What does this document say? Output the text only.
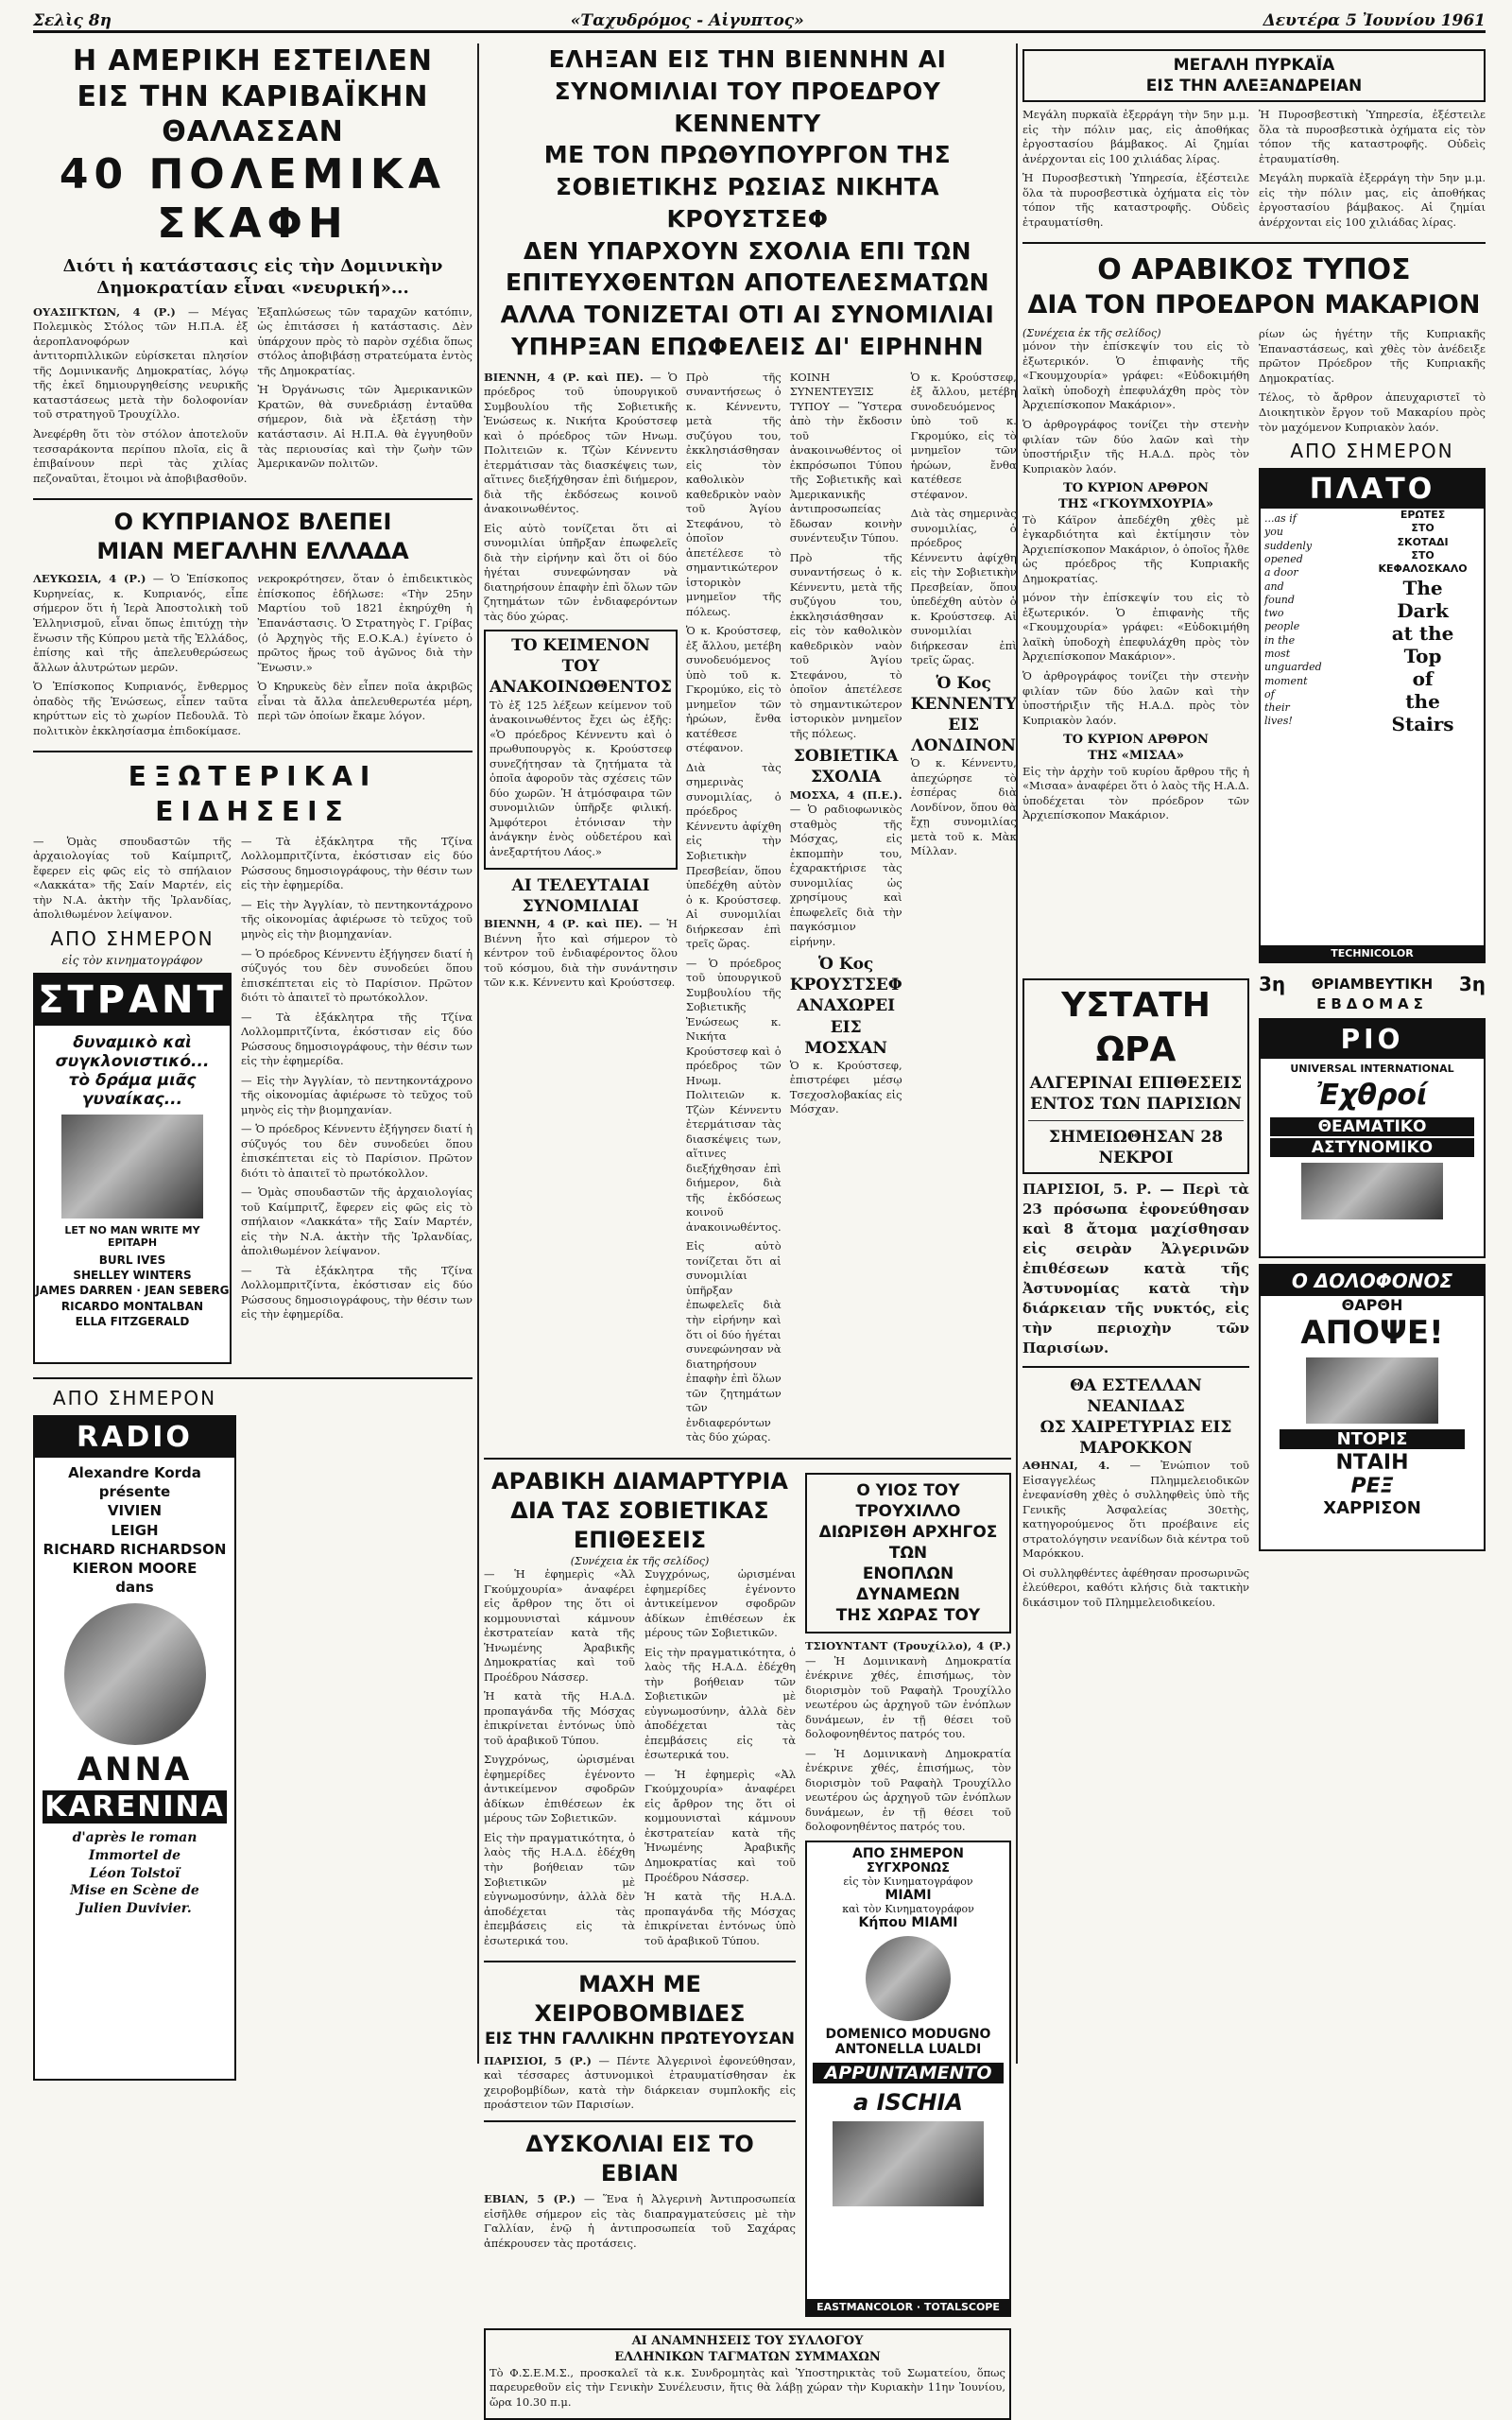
Σελὶς 8η	«Ταχυδρόμος - Αἰγυπτος»	Δευτέρα 5 Ἰουνίου 1961
Η ΑΜΕΡΙΚΗ ΕΣΤΕΙΛΕΝ
ΕΙΣ ΤΗΝ ΚΑΡΙΒΑΪΚΗΝ ΘΑΛΑΣΣΑΝ
40 ΠΟΛΕΜΙΚΑ ΣΚΑΦΗ
Διότι ἡ κατάστασις εἰς τὴν Δομινικὴν Δημοκρατίαν εἶναι «νευρική»...

ΟΥΑΣΙΓΚΤΩΝ, 4 (Ρ.) — Μέγας Πολεμικὸς Στόλος τῶν Η.Π.Α. ἐξ ἀεροπλανοφόρων καὶ ἀντιτορπιλλικῶν εὑρίσκεται πλησίον τῆς Δομινικανῆς Δημοκρατίας, λόγῳ τῆς ἐκεῖ δημιουργηθείσης νευρικῆς καταστάσεως μετὰ τὴν δολοφονίαν τοῦ στρατηγοῦ Τρουχίλλο.

Ἀνεφέρθη ὅτι τὸν στόλον ἀποτελοῦν τεσσαράκοντα περίπου πλοῖα, εἰς ἃ ἐπιβαίνουν περὶ τὰς χιλίας πεζοναῦται, ἕτοιμοι νὰ ἀποβιβασθοῦν.

Ἐξαπλώσεως τῶν ταραχῶν κατόπιν, ὡς ἐπιτάσσει ἡ κατάστασις. Δὲν ὑπάρχουν πρὸς τὸ παρὸν σχέδια ὅπως στόλος ἀποβιβάσῃ στρατεύματα ἐντὸς τῆς Δημοκρατίας.

Ἡ Ὀργάνωσις τῶν Ἀμερικανικῶν Κρατῶν, θὰ συνεδριάσῃ ἐνταῦθα σήμερον, διὰ νὰ ἐξετάσῃ τὴν κατάστασιν. Αἱ Η.Π.Α. θὰ ἐγγυηθοῦν τὰς περιουσίας καὶ τὴν ζωὴν τῶν Ἀμερικανῶν πολιτῶν.

Ο ΚΥΠΡΙΑΝΟΣ ΒΛΕΠΕΙ
ΜΙΑΝ ΜΕΓΑΛΗΝ ΕΛΛΑΔΑ

ΛΕΥΚΩΣΙΑ, 4 (Ρ.) — Ὁ Ἐπίσκοπος Κυρηνείας, κ. Κυπριανός, εἶπε σήμερον ὅτι ἡ Ἱερὰ Ἀποστολικὴ τοῦ Ἑλληνισμοῦ, εἶναι ὅπως ἐπιτύχῃ τὴν ἕνωσιν τῆς Κύπρου μετὰ τῆς Ἑλλάδος, ἐπίσης καὶ τῆς ἀπελευθερώσεως ἄλλων ἀλυτρώτων μερῶν.

Ὁ Ἐπίσκοπος Κυπριανός, ἔνθερμος ὀπαδὸς τῆς Ἑνώσεως, εἶπεν ταῦτα κηρύττων εἰς τὸ χωρίον Πεδουλᾶ. Τὸ πολιτικὸν ἐκκλησίασμα ἐπιδοκίμασε.

νεκροκρότησεν, ὅταν ὁ ἐπιδεικτικὸς ἐπίσκοπος ἐδήλωσε: «Τὴν 25ην Μαρτίου τοῦ 1821 ἐκηρύχθη ἡ Ἐπανάστασις. Ὁ Στρατηγὸς Γ. Γρίβας (ὁ Ἀρχηγὸς τῆς Ε.Ο.Κ.Α.) ἐγίνετο ὁ πρῶτος ἥρως τοῦ ἀγῶνος διὰ τὴν Ἕνωσιν.»

Ὁ Κηρυκεὺς δὲν εἶπεν ποῖα ἀκριβῶς εἶναι τὰ ἄλλα ἀπελευθερωτέα μέρη, περὶ τῶν ὁποίων ἔκαμε λόγον.

ΕΞΩΤΕΡΙΚΑΙ ΕΙΔΗΣΕΙΣ

— Ὁμὰς σπουδαστῶν τῆς ἀρχαιολογίας τοῦ Καίμπριτζ, ἔφερεν εἰς φῶς εἰς τὸ σπήλαιον «Λακκάτα» τῆς Σαίν Μαρτέν, εἰς τὴν Ν.Α. ἀκτὴν τῆς Ἰρλανδίας, ἀπολιθωμένον λείψανον.

ΑΠΟ ΣΗΜΕΡΟΝ
εἰς τὸν κινηματογράφον
ΣΤΡΑΝΤ
δυναμικὸ καὶ
συγκλονιστικό...
τὸ δράμα μιᾶς
γυναίκας...
LET NO MAN WRITE MY EPITAPH
BURL IVES
SHELLEY WINTERS
JAMES DARREN · JEAN SEBERG
RICARDO MONTALBAN
ELLA FITZGERALD

— Τὰ ἐξάκλητρα τῆς Τζίνα Λολλομπριτζίντα, ἐκόστισαν εἰς δύο Ρώσσους δημοσιογράφους, τὴν θέσιν των εἰς τὴν ἐφημερίδα.

— Εἰς τὴν Ἀγγλίαν, τὸ πεντηκοντάχρονο τῆς οἰκονομίας ἀφιέρωσε τὸ τεῦχος τοῦ μηνὸς εἰς τὴν βιομηχανίαν.

— Ὁ πρόεδρος Κέννεντυ ἐξήγησεν διατί ἡ σύζυγός του δὲν συνοδεύει ὅπου ἐπισκέπτεται εἰς τὸ Παρίσιον. Πρῶτον διότι τὸ ἀπαιτεῖ τὸ πρωτόκολλον.

— Τὰ ἐξάκλητρα τῆς Τζίνα Λολλομπριτζίντα, ἐκόστισαν εἰς δύο Ρώσσους δημοσιογράφους, τὴν θέσιν των εἰς τὴν ἐφημερίδα.

— Εἰς τὴν Ἀγγλίαν, τὸ πεντηκοντάχρονο τῆς οἰκονομίας ἀφιέρωσε τὸ τεῦχος τοῦ μηνὸς εἰς τὴν βιομηχανίαν.

— Ὁ πρόεδρος Κέννεντυ ἐξήγησεν διατί ἡ σύζυγός του δὲν συνοδεύει ὅπου ἐπισκέπτεται εἰς τὸ Παρίσιον. Πρῶτον διότι τὸ ἀπαιτεῖ τὸ πρωτόκολλον.

— Ὁμὰς σπουδαστῶν τῆς ἀρχαιολογίας τοῦ Καίμπριτζ, ἔφερεν εἰς φῶς εἰς τὸ σπήλαιον «Λακκάτα» τῆς Σαίν Μαρτέν, εἰς τὴν Ν.Α. ἀκτὴν τῆς Ἰρλανδίας, ἀπολιθωμένον λείψανον.

— Τὰ ἐξάκλητρα τῆς Τζίνα Λολλομπριτζίντα, ἐκόστισαν εἰς δύο Ρώσσους δημοσιογράφους, τὴν θέσιν των εἰς τὴν ἐφημερίδα.

ΑΠΟ ΣΗΜΕΡΟΝ
RADIO
Alexandre Korda
présente
VIVIEN
LEIGH
RICHARD RICHARDSON
KIERON MOORE
dans
ANNA
KARENINA
d'après le roman
Immortel de
Léon Tolstoï
Mise en Scène de
Julien Duvivier.
ΕΛΗΞΑΝ ΕΙΣ ΤΗΝ ΒΙΕΝΝΗΝ ΑΙ ΣΥΝΟΜΙΛΙΑΙ ΤΟΥ ΠΡΟΕΔΡΟΥ ΚΕΝΝΕΝΤΥ
ΜΕ ΤΟΝ ΠΡΩΘΥΠΟΥΡΓΟΝ ΤΗΣ ΣΟΒΙΕΤΙΚΗΣ ΡΩΣΙΑΣ ΝΙΚΗΤΑ ΚΡΟΥΣΤΣΕΦ
ΔΕΝ ΥΠΑΡΧΟΥΝ ΣΧΟΛΙΑ ΕΠΙ ΤΩΝ ΕΠΙΤΕΥΧΘΕΝΤΩΝ ΑΠΟΤΕΛΕΣΜΑΤΩΝ
ΑΛΛΑ ΤΟΝΙΖΕΤΑΙ ΟΤΙ ΑΙ ΣΥΝΟΜΙΛΙΑΙ ΥΠΗΡΞΑΝ ΕΠΩΦΕΛΕΙΣ ΔΙ' ΕΙΡΗΝΗΝ

ΒΙΕΝΝΗ, 4 (Ρ. καὶ ΠΕ). — Ὁ πρόεδρος τοῦ ὑπουργικοῦ Συμβουλίου τῆς Σοβιετικῆς Ἑνώσεως κ. Νικήτα Κρούστσεφ καὶ ὁ πρόεδρος τῶν Ηνωμ. Πολιτειῶν κ. Τζὼν Κέννεντυ ἐτερμάτισαν τὰς διασκέψεις των, αἵτινες διεξήχθησαν ἐπὶ διήμερον, διὰ τῆς ἐκδόσεως κοινοῦ ἀνακοινωθέντος.

Εἰς αὐτὸ τονίζεται ὅτι αἱ συνομιλίαι ὑπῆρξαν ἐπωφελεῖς διὰ τὴν εἰρήνην καὶ ὅτι οἱ δύο ἡγέται συνεφώνησαν νὰ διατηρήσουν ἐπαφὴν ἐπὶ ὅλων τῶν ζητημάτων τῶν ἐνδιαφερόντων τὰς δύο χώρας.

ΤΟ ΚΕΙΜΕΝΟΝ
ΤΟΥ ΑΝΑΚΟΙΝΩΘΕΝΤΟΣ

Τὸ ἐξ 125 λέξεων κείμενον τοῦ ἀνακοινωθέντος ἔχει ὡς ἑξῆς: «Ὁ πρόεδρος Κέννεντυ καὶ ὁ πρωθυπουργὸς κ. Κρούστσεφ συνεζήτησαν τὰ ζητήματα τὰ ὁποῖα ἀφοροῦν τὰς σχέσεις τῶν δύο χωρῶν. Ἡ ἀτμόσφαιρα τῶν συνομιλιῶν ὑπῆρξε φιλική. Ἀμφότεροι ἐτόνισαν τὴν ἀνάγκην ἑνὸς οὐδετέρου καὶ ἀνεξαρτήτου Λάος.»

ΑΙ ΤΕΛΕΥΤΑΙΑΙ ΣΥΝΟΜΙΛΙΑΙ

ΒΙΕΝΝΗ, 4 (Ρ. καὶ ΠΕ). — Ἡ Βιέννη ἦτο καὶ σήμερον τὸ κέντρον τοῦ ἐνδιαφέροντος ὅλου τοῦ κόσμου, διὰ τὴν συνάντησιν τῶν κ.κ. Κέννεντυ καὶ Κρούστσεφ.

Πρὸ τῆς συναντήσεως ὁ κ. Κέννεντυ, μετὰ τῆς συζύγου του, ἐκκλησιάσθησαν εἰς τὸν καθολικὸν καθεδρικὸν ναὸν τοῦ Ἁγίου Στεφάνου, τὸ ὁποῖον ἀπετέλεσε τὸ σημαντικώτερον ἱστορικὸν μνημεῖον τῆς πόλεως.

Ὁ κ. Κρούστσεφ, ἐξ ἄλλου, μετέβη συνοδευόμενος ὑπὸ τοῦ κ. Γκρομύκο, εἰς τὸ μνημεῖον τῶν ἡρώων, ἔνθα κατέθεσε στέφανον.

Διὰ τὰς σημερινὰς συνομιλίας, ὁ πρόεδρος Κέννεντυ ἀφίχθη εἰς τὴν Σοβιετικὴν Πρεσβείαν, ὅπου ὑπεδέχθη αὐτὸν ὁ κ. Κρούστσεφ. Αἱ συνομιλίαι διήρκεσαν ἐπὶ τρεῖς ὥρας.

— Ὁ πρόεδρος τοῦ ὑπουργικοῦ Συμβουλίου τῆς Σοβιετικῆς Ἑνώσεως κ. Νικήτα Κρούστσεφ καὶ ὁ πρόεδρος τῶν Ηνωμ. Πολιτειῶν κ. Τζὼν Κέννεντυ ἐτερμάτισαν τὰς διασκέψεις των, αἵτινες διεξήχθησαν ἐπὶ διήμερον, διὰ τῆς ἐκδόσεως κοινοῦ ἀνακοινωθέντος.

Εἰς αὐτὸ τονίζεται ὅτι αἱ συνομιλίαι ὑπῆρξαν ἐπωφελεῖς διὰ τὴν εἰρήνην καὶ ὅτι οἱ δύο ἡγέται συνεφώνησαν νὰ διατηρήσουν ἐπαφὴν ἐπὶ ὅλων τῶν ζητημάτων τῶν ἐνδιαφερόντων τὰς δύο χώρας.

ΚΟΙΝΗ ΣΥΝΕΝΤΕΥΞΙΣ ΤΥΠΟΥ — Ὕστερα ἀπὸ τὴν ἔκδοσιν τοῦ ἀνακοινωθέντος οἱ ἐκπρόσωποι Τύπου τῆς Σοβιετικῆς καὶ Ἀμερικανικῆς ἀντιπροσωπείας ἔδωσαν κοινὴν συνέντευξιν Τύπου.

Πρὸ τῆς συναντήσεως ὁ κ. Κέννεντυ, μετὰ τῆς συζύγου του, ἐκκλησιάσθησαν εἰς τὸν καθολικὸν καθεδρικὸν ναὸν τοῦ Ἁγίου Στεφάνου, τὸ ὁποῖον ἀπετέλεσε τὸ σημαντικώτερον ἱστορικὸν μνημεῖον τῆς πόλεως.

ΣΟΒΙΕΤΙΚΑ ΣΧΟΛΙΑ

ΜΟΣΧΑ, 4 (Π.Ε.). — Ὁ ραδιοφωνικὸς σταθμὸς τῆς Μόσχας, εἰς ἐκπομπὴν του, ἐχαρακτήρισε τὰς συνομιλίας ὡς χρησίμους καὶ ἐπωφελεῖς διὰ τὴν παγκόσμιον εἰρήνην.

Ὁ Κος ΚΡΟΥΣΤΣΕΦ
ΑΝΑΧΩΡΕΙ ΕΙΣ ΜΟΣΧΑΝ

Ὁ κ. Κρούστσεφ, ἐπιστρέφει μέσῳ Τσεχοσλοβακίας εἰς Μόσχαν.

Ὁ κ. Κρούστσεφ, ἐξ ἄλλου, μετέβη συνοδευόμενος ὑπὸ τοῦ κ. Γκρομύκο, εἰς τὸ μνημεῖον τῶν ἡρώων, ἔνθα κατέθεσε στέφανον.

Διὰ τὰς σημερινὰς συνομιλίας, ὁ πρόεδρος Κέννεντυ ἀφίχθη εἰς τὴν Σοβιετικὴν Πρεσβείαν, ὅπου ὑπεδέχθη αὐτὸν ὁ κ. Κρούστσεφ. Αἱ συνομιλίαι διήρκεσαν ἐπὶ τρεῖς ὥρας.

Ὁ Κος ΚΕΝΝΕΝΤΥ
ΕΙΣ ΛΟΝΔΙΝΟΝ

Ὁ κ. Κέννεντυ, ἀπεχώρησε τὸ ἑσπέρας διὰ Λονδίνον, ὅπου θὰ ἔχῃ συνομιλίας μετὰ τοῦ κ. Μὰκ Μίλλαν.

ΑΡΑΒΙΚΗ ΔΙΑΜΑΡΤΥΡΙΑ
ΔΙΑ ΤΑΣ ΣΟΒΙΕΤΙΚΑΣ ΕΠΙΘΕΣΕΙΣ
(Συνέχεια ἐκ τῆς σελίδος)

— Ἡ ἐφημερὶς «Ἀλ Γκούμχουρία» ἀναφέρει εἰς ἄρθρον της ὅτι οἱ κομμουνισταὶ κάμνουν ἐκστρατείαν κατὰ τῆς Ἡνωμένης Ἀραβικῆς Δημοκρατίας καὶ τοῦ Προέδρου Νάσσερ.

Ἡ κατὰ τῆς Η.Α.Δ. προπαγάνδα τῆς Μόσχας ἐπικρίνεται ἐντόνως ὑπὸ τοῦ ἀραβικοῦ Τύπου.

Συγχρόνως, ὡρισμέναι ἐφημερίδες ἐγένοντο ἀντικείμενον σφοδρῶν ἀδίκων ἐπιθέσεων ἐκ μέρους τῶν Σοβιετικῶν.

Εἰς τὴν πραγματικότητα, ὁ λαὸς τῆς Η.Α.Δ. ἐδέχθη τὴν βοήθειαν τῶν Σοβιετικῶν μὲ εὐγνωμοσύνην, ἀλλὰ δὲν ἀποδέχεται τὰς ἐπεμβάσεις εἰς τὰ ἐσωτερικά του.

Συγχρόνως, ὡρισμέναι ἐφημερίδες ἐγένοντο ἀντικείμενον σφοδρῶν ἀδίκων ἐπιθέσεων ἐκ μέρους τῶν Σοβιετικῶν.

Εἰς τὴν πραγματικότητα, ὁ λαὸς τῆς Η.Α.Δ. ἐδέχθη τὴν βοήθειαν τῶν Σοβιετικῶν μὲ εὐγνωμοσύνην, ἀλλὰ δὲν ἀποδέχεται τὰς ἐπεμβάσεις εἰς τὰ ἐσωτερικά του.

— Ἡ ἐφημερὶς «Ἀλ Γκούμχουρία» ἀναφέρει εἰς ἄρθρον της ὅτι οἱ κομμουνισταὶ κάμνουν ἐκστρατείαν κατὰ τῆς Ἡνωμένης Ἀραβικῆς Δημοκρατίας καὶ τοῦ Προέδρου Νάσσερ.

Ἡ κατὰ τῆς Η.Α.Δ. προπαγάνδα τῆς Μόσχας ἐπικρίνεται ἐντόνως ὑπὸ τοῦ ἀραβικοῦ Τύπου.

ΜΑΧΗ ΜΕ ΧΕΙΡΟΒΟΜΒΙΔΕΣ
ΕΙΣ ΤΗΝ ΓΑΛΛΙΚΗΝ ΠΡΩΤΕΥΟΥΣΑΝ

ΠΑΡΙΣΙΟΙ, 5 (Ρ.) — Πέντε Ἀλγερινοὶ ἐφονεύθησαν, καὶ τέσσαρες ἀστυνομικοὶ ἐτραυματίσθησαν ἐκ χειροβομβίδων, κατὰ τὴν διάρκειαν συμπλοκῆς εἰς προάστειον τῶν Παρισίων.

ΔΥΣΚΟΛΙΑΙ ΕΙΣ ΤΟ ΕΒΙΑΝ

ΕΒΙΑΝ, 5 (Ρ.) — Ἕνα ἡ Ἀλγερινὴ Ἀντιπροσωπεία εἰσῆλθε σήμερον εἰς τὰς διαπραγματεύσεις μὲ τὴν Γαλλίαν, ἐνῷ ἡ ἀντιπροσωπεία τοῦ Σαχάρας ἀπέκρουσεν τὰς προτάσεις.

Ο ΥΙΟΣ ΤΟΥ ΤΡΟΥΧΙΛΛΟ
ΔΙΩΡΙΣΘΗ ΑΡΧΗΓΟΣ ΤΩΝ
ΕΝΟΠΛΩΝ ΔΥΝΑΜΕΩΝ
ΤΗΣ ΧΩΡΑΣ ΤΟΥ

ΤΣΙΟΥΝΤΑΝΤ (Τρουχίλλο), 4 (Ρ.) — Ἡ Δομινικανὴ Δημοκρατία ἐνέκρινε χθές, ἐπισήμως, τὸν διορισμὸν τοῦ Ραφαὴλ Τρουχίλλο νεωτέρου ὡς ἀρχηγοῦ τῶν ἐνόπλων δυνάμεων, ἐν τῇ θέσει τοῦ δολοφονηθέντος πατρός του.

— Ἡ Δομινικανὴ Δημοκρατία ἐνέκρινε χθές, ἐπισήμως, τὸν διορισμὸν τοῦ Ραφαὴλ Τρουχίλλο νεωτέρου ὡς ἀρχηγοῦ τῶν ἐνόπλων δυνάμεων, ἐν τῇ θέσει τοῦ δολοφονηθέντος πατρός του.

ΑΠΟ ΣΗΜΕΡΟΝ
ΣΥΓΧΡΟΝΩΣ
εἰς τὸν Κινηματογράφον
ΜΙΑΜΙ
καὶ τὸν Κινηματογράφον
Κήπου ΜΙΑΜΙ
DOMENICO MODUGNO
ANTONELLA LUALDI
APPUNTAMENTO
a ISCHIA
EASTMANCOLOR · TOTALSCOPE
ΑΙ ΑΝΑΜΝΗΣΕΙΣ ΤΟΥ ΣΥΛΛΟΓΟΥ
ΕΛΛΗΝΙΚΩΝ ΤΑΓΜΑΤΩΝ ΣΥΜΜΑΧΩΝ

Τὸ Φ.Σ.Ε.Μ.Σ., προσκαλεῖ τὰ κ.κ. Συνδρομητὰς καὶ Ὑποστηρικτὰς τοῦ Σωματείου, ὅπως παρευρεθοῦν εἰς τὴν Γενικὴν Συνέλευσιν, ἥτις θὰ λάβῃ χώραν τὴν Κυριακὴν 11ην Ἰουνίου, ὥρα 10.30 π.μ.

ΜΕΓΑΛΗ ΠΥΡΚΑΪΑ
ΕΙΣ ΤΗΝ ΑΛΕΞΑΝΔΡΕΙΑΝ

Μεγάλη πυρκαϊὰ ἐξερράγη τὴν 5ην μ.μ. εἰς τὴν πόλιν μας, εἰς ἀποθήκας ἐργοστασίου βάμβακος. Αἱ ζημίαι ἀνέρχονται εἰς 100 χιλιάδας λίρας.

Ἡ Πυροσβεστικὴ Ὑπηρεσία, ἐξέστειλε ὅλα τὰ πυροσβεστικὰ ὀχήματα εἰς τὸν τόπον τῆς καταστροφῆς. Οὐδεὶς ἐτραυματίσθη.

Ἡ Πυροσβεστικὴ Ὑπηρεσία, ἐξέστειλε ὅλα τὰ πυροσβεστικὰ ὀχήματα εἰς τὸν τόπον τῆς καταστροφῆς. Οὐδεὶς ἐτραυματίσθη.

Μεγάλη πυρκαϊὰ ἐξερράγη τὴν 5ην μ.μ. εἰς τὴν πόλιν μας, εἰς ἀποθήκας ἐργοστασίου βάμβακος. Αἱ ζημίαι ἀνέρχονται εἰς 100 χιλιάδας λίρας.

Ο ΑΡΑΒΙΚΟΣ ΤΥΠΟΣ
ΔΙΑ ΤΟΝ ΠΡΟΕΔΡΟΝ ΜΑΚΑΡΙΟΝ
(Συνέχεια ἐκ τῆς σελίδος)

μόνον τὴν ἐπίσκεψίν του εἰς τὸ ἐξωτερικόν. Ὁ ἐπιφανὴς τῆς «Γκουμχουρία» γράφει: «Εὐδοκιμήθη λαϊκὴ ὑποδοχὴ ἐπεφυλάχθη πρὸς τὸν Ἀρχιεπίσκοπον Μακάριον».

Ὁ ἀρθρογράφος τονίζει τὴν στενὴν φιλίαν τῶν δύο λαῶν καὶ τὴν ὑποστήριξιν τῆς Η.Α.Δ. πρὸς τὸν Κυπριακὸν λαόν.

ΤΟ ΚΥΡΙΟΝ ΑΡΘΡΟΝ
ΤΗΣ «ΓΚΟΥΜΧΟΥΡΙΑ»

Τὸ Κάϊρον ἀπεδέχθη χθὲς μὲ ἐγκαρδιότητα καὶ ἐκτίμησιν τὸν Ἀρχιεπίσκοπον Μακάριον, ὁ ὁποῖος ἦλθε ὡς πρόεδρος τῆς Κυπριακῆς Δημοκρατίας.

μόνον τὴν ἐπίσκεψίν του εἰς τὸ ἐξωτερικόν. Ὁ ἐπιφανὴς τῆς «Γκουμχουρία» γράφει: «Εὐδοκιμήθη λαϊκὴ ὑποδοχὴ ἐπεφυλάχθη πρὸς τὸν Ἀρχιεπίσκοπον Μακάριον».

Ὁ ἀρθρογράφος τονίζει τὴν στενὴν φιλίαν τῶν δύο λαῶν καὶ τὴν ὑποστήριξιν τῆς Η.Α.Δ. πρὸς τὸν Κυπριακὸν λαόν.

ΤΟ ΚΥΡΙΟΝ ΑΡΘΡΟΝ
ΤΗΣ «ΜΙΣΑΑ»

Εἰς τὴν ἀρχὴν τοῦ κυρίου ἄρθρου τῆς ἡ «Μισαα» ἀναφέρει ὅτι ὁ λαὸς τῆς Η.Α.Δ. ὑποδέχεται τὸν πρόεδρον τῶν Ἀρχιεπίσκοπον Μακάριον.

ρίων ὡς ἡγέτην τῆς Κυπριακῆς Ἐπαναστάσεως, καὶ χθὲς τὸν ἀνέδειξε πρῶτον Πρόεδρον τῆς Κυπριακῆς Δημοκρατίας.

Τέλος, τὸ ἄρθρον ἀπευχαριστεῖ τὸ Διοικητικὸν ἔργον τοῦ Μακαρίου πρὸς τὸν μαχόμενον Κυπριακὸν λαόν.

ΑΠΟ ΣΗΜΕΡΟΝ
ΠΛΑΤΟ
...as if
you
suddenly
opened
a door
and
found
two
people
in the
most
unguarded
moment
of
their
lives!
ΕΡΩΤΕΣ
ΣΤΟ
ΣΚΟΤΑΔΙ
ΣΤΟ
ΚΕΦΑΛΟΣΚΑΛΟ
The
Dark
at the
Top
of
the
Stairs
TECHNICOLOR
ΥΣΤΑΤΗ ΩΡΑ
ΑΛΓΕΡΙΝΑΙ ΕΠΙΘΕΣΕΙΣ
ΕΝΤΟΣ ΤΩΝ ΠΑΡΙΣΙΩΝ
ΣΗΜΕΙΩΘΗΣΑΝ 28 ΝΕΚΡΟΙ

ΠΑΡΙΣΙΟΙ, 5. Ρ. — Περὶ τὰ 23 πρόσωπα ἐφονεύθησαν καὶ 8 ἄτομα μαχίσθησαν εἰς σειρὰν Ἀλγερινῶν ἐπιθέσεων κατὰ τῆς Ἀστυνομίας κατὰ τὴν διάρκειαν τῆς νυκτός, εἰς τὴν περιοχὴν τῶν Παρισίων.

ΘΑ ΕΣΤΕΛΛΑΝ ΝΕΑΝΙΔΑΣ
ΩΣ ΧΑΙΡΕΤΥΡΙΑΣ ΕΙΣ ΜΑΡΟΚΚΟΝ

ΑΘΗΝΑΙ, 4. — Ἐνώπιον τοῦ Εἰσαγγελέως Πλημμελειοδικῶν ἐνεφανίσθη χθὲς ὁ συλληφθεὶς ὑπὸ τῆς Γενικῆς Ἀσφαλείας 30ετὴς, κατηγορούμενος ὅτι προέβαινε εἰς στρατολόγησιν νεανίδων διὰ κέντρα τοῦ Μαρόκκου.

Οἱ συλληφθέντες ἀφέθησαν προσωρινῶς ἐλεύθεροι, καθότι κλήσις διὰ τακτικὴν δικάσιμον τοῦ Πλημμελειοδικείου.

3η ΘΡΙΑΜΒΕΥΤΙΚΗ 3η
ΕΒΔΟΜΑΣ
ΡΙΟ
UNIVERSAL INTERNATIONAL
Ἐχθροί
ΘΕΑΜΑΤΙΚΟ
ΑΣΤΥΝΟΜΙΚΟ
Ο ΔΟΛΟΦΟΝΟΣ
ΘΑΡΘΗ
ΑΠΟΨΕ!
ΝΤΟΡΙΣ
ΝΤΑΙΗ
ΡΕΞ
ΧΑΡΡΙΣΟΝ
